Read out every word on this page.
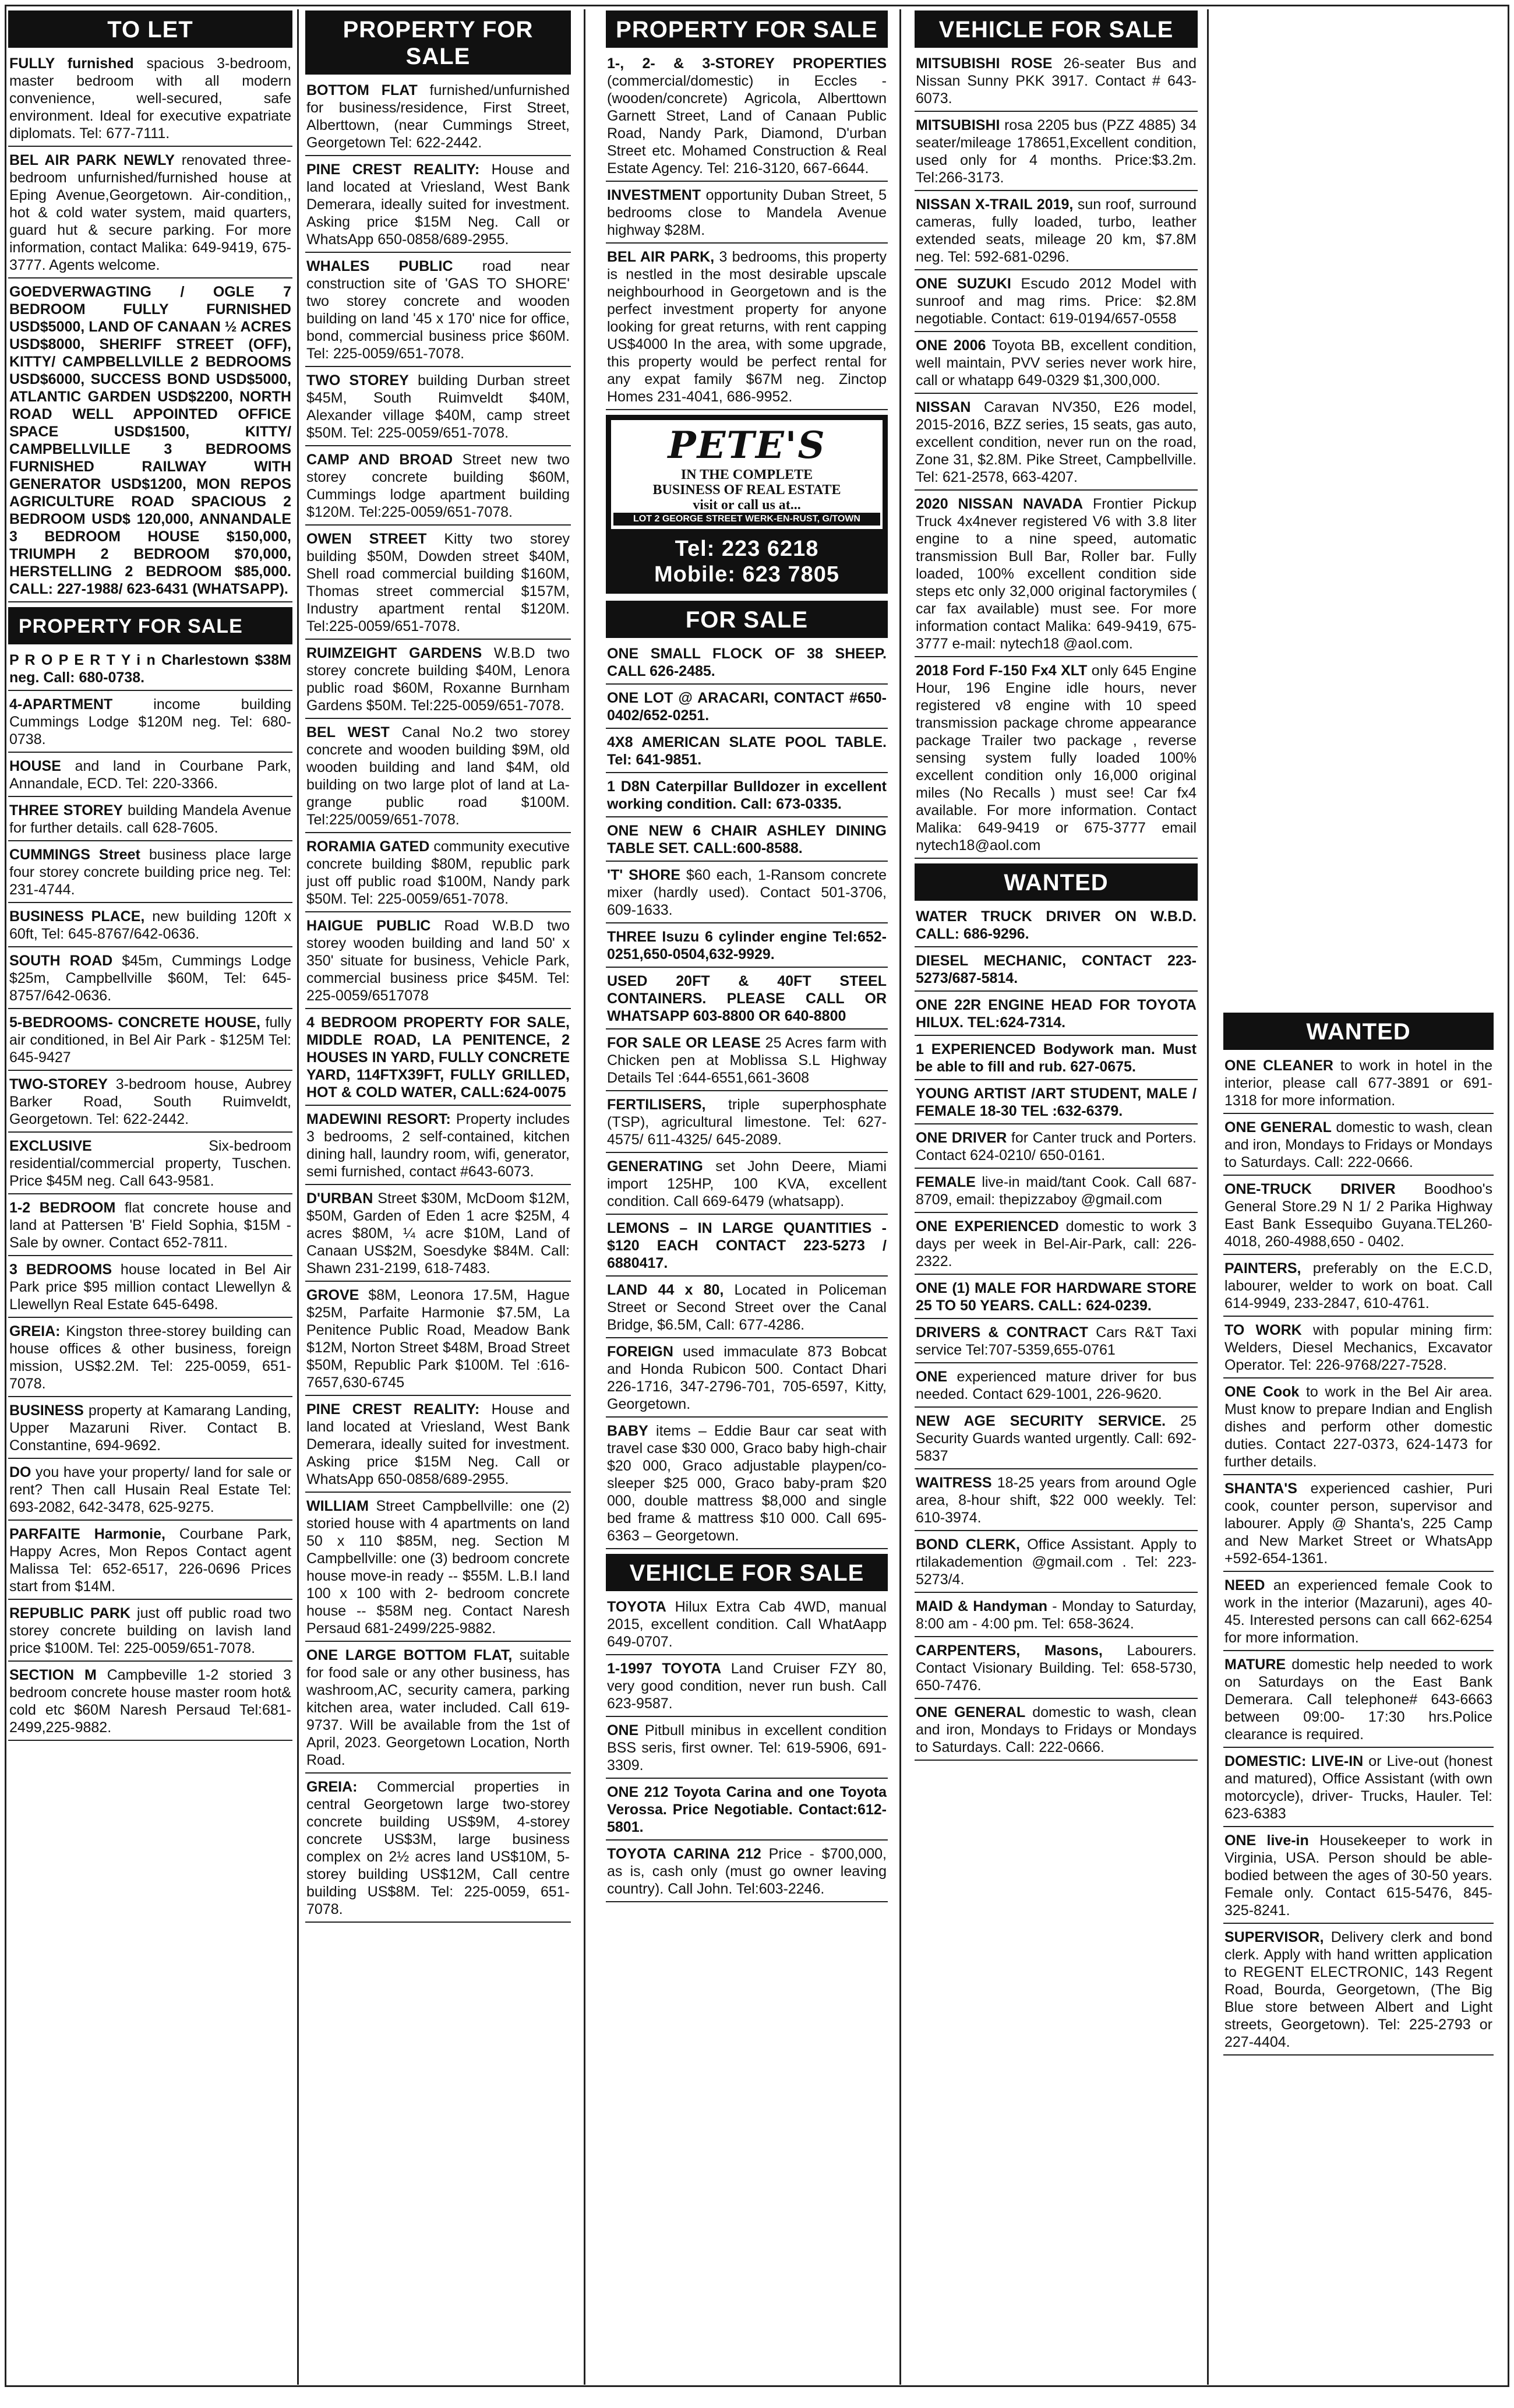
TO LET
FULLY furnished spacious 3-bedroom, master bedroom with all modern convenience, well-secured, safe environment. Ideal for executive expatriate diplomats. Tel: 677-7111.
BEL AIR PARK NEWLY renovated three-bedroom unfurnished/furnished house at Eping Avenue,Georgetown. Air-condition,, hot & cold water system, maid quarters, guard hut & secure parking. For more information, contact Malika: 649-9419, 675-3777. Agents welcome.
GOEDVERWAGTING / OGLE 7 BEDROOM FULLY FURNISHED USD$5000, LAND OF CANAAN ½ ACRES USD$8000, SHERIFF STREET (OFF), KITTY/ CAMPBELLVILLE 2 BEDROOMS USD$6000, SUCCESS BOND USD$5000, ATLANTIC GARDEN USD$2200, NORTH ROAD WELL APPOINTED OFFICE SPACE USD$1500, KITTY/ CAMPBELLVILLE 3 BEDROOMS FURNISHED RAILWAY WITH GENERATOR USD$1200, MON REPOS AGRICULTURE ROAD SPACIOUS 2 BEDROOM USD$ 120,000, ANNANDALE 3 BEDROOM HOUSE $150,000, TRIUMPH 2 BEDROOM $70,000, HERSTELLING 2 BEDROOM $85,000. CALL: 227-1988/ 623-6431 (WHATSAPP).
PROPERTY FOR SALE
P R O P E R T Y i n Charlestown $38M neg. Call: 680-0738.
4-APARTMENT income building Cummings Lodge $120M neg. Tel: 680-0738.
HOUSE and land in Courbane Park, Annandale, ECD. Tel: 220-3366.
THREE STOREY building Mandela Avenue for further details. call 628-7605.
CUMMINGS Street business place large four storey concrete building price neg. Tel: 231-4744.
BUSINESS PLACE, new building 120ft x 60ft, Tel: 645-8767/642-0636.
SOUTH ROAD $45m, Cummings Lodge $25m, Campbellville $60M, Tel: 645-8757/642-0636.
5-BEDROOMS- CONCRETE HOUSE, fully air conditioned, in Bel Air Park - $125M Tel: 645-9427
TWO-STOREY 3-bedroom house, Aubrey Barker Road, South Ruimveldt, Georgetown. Tel: 622-2442.
EXCLUSIVE Six-bedroom residential/commercial property, Tuschen. Price $45M neg. Call 643-9581.
1-2 BEDROOM flat concrete house and land at Pattersen 'B' Field Sophia, $15M - Sale by owner. Contact 652-7811.
3 BEDROOMS house located in Bel Air Park price $95 million contact Llewellyn & Llewellyn Real Estate 645-6498.
GREIA: Kingston three-storey building can house offices & other business, foreign mission, US$2.2M. Tel: 225-0059, 651-7078.
BUSINESS property at Kamarang Landing, Upper Mazaruni River. Contact B. Constantine, 694-9692.
DO you have your property/ land for sale or rent? Then call Husain Real Estate Tel: 693-2082, 642-3478, 625-9275.
PARFAITE Harmonie, Courbane Park, Happy Acres, Mon Repos Contact agent Malissa Tel: 652-6517, 226-0696 Prices start from $14M.
REPUBLIC PARK just off public road two storey concrete building on lavish land price $100M. Tel: 225-0059/651-7078.
SECTION M Campbeville 1-2 storied 3 bedroom concrete house master room hot& cold etc $60M Naresh Persaud Tel:681-2499,225-9882.
PROPERTY FOR SALE
BOTTOM FLAT furnished/unfurnished for business/residence, First Street, Alberttown, (near Cummings Street, Georgetown Tel: 622-2442.
PINE CREST REALITY: House and land located at Vriesland, West Bank Demerara, ideally suited for investment. Asking price $15M Neg. Call or WhatsApp 650-0858/689-2955.
WHALES PUBLIC road near construction site of 'GAS TO SHORE' two storey concrete and wooden building on land '45 x 170' nice for office, bond, commercial business price $60M. Tel: 225-0059/651-7078.
TWO STOREY building Durban street $45M, South Ruimveldt $40M, Alexander village $40M, camp street $50M. Tel: 225-0059/651-7078.
CAMP AND BROAD Street new two storey concrete building $60M, Cummings lodge apartment building $120M. Tel:225-0059/651-7078.
OWEN STREET Kitty two storey building $50M, Dowden street $40M, Shell road commercial building $160M, Thomas street commercial $157M, Industry apartment rental $120M. Tel:225-0059/651-7078.
RUIMZEIGHT GARDENS W.B.D two storey concrete building $40M, Lenora public road $60M, Roxanne Burnham Gardens $50M. Tel:225-0059/651-7078.
BEL WEST Canal No.2 two storey concrete and wooden building $9M, old wooden building and land $4M, old building on two large plot of land at La-grange public road $100M. Tel:225/0059/651-7078.
RORAMIA GATED community executive concrete building $80M, republic park just off public road $100M, Nandy park $50M. Tel: 225-0059/651-7078.
HAIGUE PUBLIC Road W.B.D two storey wooden building and land 50' x 350' situate for business, Vehicle Park, commercial business price $45M. Tel: 225-0059/6517078
4 BEDROOM PROPERTY FOR SALE, MIDDLE ROAD, LA PENITENCE, 2 HOUSES IN YARD, FULLY CONCRETE YARD, 114FTX39FT, FULLY GRILLED, HOT & COLD WATER, CALL:624-0075
MADEWINI RESORT: Property includes 3 bedrooms, 2 self-contained, kitchen dining hall, laundry room, wifi, generator, semi furnished, contact #643-6073.
D'URBAN Street $30M, McDoom $12M, $50M, Garden of Eden 1 acre $25M, 4 acres $80M, ¼ acre $10M, Land of Canaan US$2M, Soesdyke $84M. Call: Shawn 231-2199, 618-7483.
GROVE $8M, Leonora 17.5M, Hague $25M, Parfaite Harmonie $7.5M, La Penitence Public Road, Meadow Bank $12M, Norton Street $48M, Broad Street $50M, Republic Park $100M. Tel :616-7657,630-6745
PINE CREST REALITY: House and land located at Vriesland, West Bank Demerara, ideally suited for investment. Asking price $15M Neg. Call or WhatsApp 650-0858/689-2955.
WILLIAM Street Campbellville: one (2) storied house with 4 apartments on land 50 x 110 $85M, neg. Section M Campbellville: one (3) bedroom concrete house move-in ready -- $55M. L.B.I land 100 x 100 with 2- bedroom concrete house -- $58M neg. Contact Naresh Persaud 681-2499/225-9882.
ONE LARGE BOTTOM FLAT, suitable for food sale or any other business, has washroom,AC, security camera, parking kitchen area, water included. Call 619-9737. Will be available from the 1st of April, 2023. Georgetown Location, North Road.
GREIA: Commercial properties in central Georgetown large two-storey concrete building US$9M, 4-storey concrete US$3M, large business complex on 2½ acres land US$10M, 5-storey building US$12M, Call centre building US$8M. Tel: 225-0059, 651-7078.
PROPERTY FOR SALE
1-, 2- & 3-STOREY PROPERTIES (commercial/domestic) in Eccles - (wooden/concrete) Agricola, Alberttown Garnett Street, Land of Canaan Public Road, Nandy Park, Diamond, D'urban Street etc. Mohamed Construction & Real Estate Agency. Tel: 216-3120, 667-6644.
INVESTMENT opportunity Duban Street, 5 bedrooms close to Mandela Avenue highway $28M.
BEL AIR PARK, 3 bedrooms, this property is nestled in the most desirable upscale neighbourhood in Georgetown and is the perfect investment property for anyone looking for great returns, with rent capping US$4000 In the area, with some upgrade, this property would be perfect rental for any expat family $67M neg. Zinctop Homes 231-4041, 686-9952.
PETE'S
IN THE COMPLETE
BUSINESS OF REAL ESTATE
visit or call us at...
LOT 2 GEORGE STREET WERK-EN-RUST, G/TOWN
Tel: 223 6218
Mobile: 623 7805
FOR SALE
ONE SMALL FLOCK OF 38 SHEEP. CALL 626-2485.
ONE LOT @ ARACARI, CONTACT #650-0402/652-0251.
4X8 AMERICAN SLATE POOL TABLE. Tel: 641-9851.
1 D8N Caterpillar Bulldozer in excellent working condition. Call: 673-0335.
ONE NEW 6 CHAIR ASHLEY DINING TABLE SET. CALL:600-8588.
'T' SHORE $60 each, 1-Ransom concrete mixer (hardly used). Contact 501-3706, 609-1633.
THREE Isuzu 6 cylinder engine Tel:652-0251,650-0504,632-9929.
USED 20FT & 40FT STEEL CONTAINERS. PLEASE CALL OR WHATSAPP 603-8800 OR 640-8800
FOR SALE OR LEASE 25 Acres farm with Chicken pen at Moblissa S.L Highway Details Tel :644-6551,661-3608
FERTILISERS, triple superphosphate (TSP), agricultural limestone. Tel: 627-4575/ 611-4325/ 645-2089.
GENERATING set John Deere, Miami import 125HP, 100 KVA, excellent condition. Call 669-6479 (whatsapp).
LEMONS – IN LARGE QUANTITIES - $120 EACH CONTACT 223-5273 / 6880417.
LAND 44 x 80, Located in Policeman Street or Second Street over the Canal Bridge, $6.5M, Call: 677-4286.
FOREIGN used immaculate 873 Bobcat and Honda Rubicon 500. Contact Dhari 226-1716, 347-2796-701, 705-6597, Kitty, Georgetown.
BABY items – Eddie Baur car seat with travel case $30 000, Graco baby high-chair $20 000, Graco adjustable playpen/co-sleeper $25 000, Graco baby-pram $20 000, double mattress $8,000 and single bed frame & mattress $10 000. Call 695-6363 – Georgetown.
VEHICLE FOR SALE
TOYOTA Hilux Extra Cab 4WD, manual 2015, excellent condition. Call WhatAapp 649-0707.
1-1997 TOYOTA Land Cruiser FZY 80, very good condition, never run bush. Call 623-9587.
ONE Pitbull minibus in excellent condition BSS seris, first owner. Tel: 619-5906, 691-3309.
ONE 212 Toyota Carina and one Toyota Verossa. Price Negotiable. Contact:612-5801.
TOYOTA CARINA 212 Price - $700,000, as is, cash only (must go owner leaving country). Call John. Tel:603-2246.
VEHICLE FOR SALE
MITSUBISHI ROSE 26-seater Bus and Nissan Sunny PKK 3917. Contact # 643-6073.
MITSUBISHI rosa 2205 bus (PZZ 4885) 34 seater/mileage 178651,Excellent condition, used only for 4 months. Price:$3.2m. Tel:266-3173.
NISSAN X-TRAIL 2019, sun roof, surround cameras, fully loaded, turbo, leather extended seats, mileage 20 km, $7.8M neg. Tel: 592-681-0296.
ONE SUZUKI Escudo 2012 Model with sunroof and mag rims. Price: $2.8M negotiable. Contact: 619-0194/657-0558
ONE 2006 Toyota BB, excellent condition, well maintain, PVV series never work hire, call or whatapp 649-0329 $1,300,000.
NISSAN Caravan NV350, E26 model, 2015-2016, BZZ series, 15 seats, gas auto, excellent condition, never run on the road, Zone 31, $2.8M. Pike Street, Campbellville. Tel: 621-2578, 663-4207.
2020 NISSAN NAVADA Frontier Pickup Truck 4x4never registered V6 with 3.8 liter engine to a nine speed, automatic transmission Bull Bar, Roller bar. Fully loaded, 100% excellent condition side steps etc only 32,000 original factorymiles ( car fax available) must see. For more information contact Malika: 649-9419, 675-3777 e-mail: nytech18 @aol.com.
2018 Ford F-150 Fx4 XLT only 645 Engine Hour, 196 Engine idle hours, never registered v8 engine with 10 speed transmission package chrome appearance package Trailer two package , reverse sensing system fully loaded 100% excellent condition only 16,000 original miles (No Recalls ) must see! Car fx4 available. For more information. Contact Malika: 649-9419 or 675-3777 email nytech18@aol.com
WANTED
WATER TRUCK DRIVER ON W.B.D. CALL: 686-9296.
DIESEL MECHANIC, CONTACT 223-5273/687-5814.
ONE 22R ENGINE HEAD FOR TOYOTA HILUX. TEL:624-7314.
1 EXPERIENCED Bodywork man. Must be able to fill and rub. 627-0675.
YOUNG ARTIST /ART STUDENT, MALE / FEMALE 18-30 TEL :632-6379.
ONE DRIVER for Canter truck and Porters. Contact 624-0210/ 650-0161.
FEMALE live-in maid/tant Cook. Call 687-8709, email: thepizzaboy @gmail.com
ONE EXPERIENCED domestic to work 3 days per week in Bel-Air-Park, call: 226-2322.
ONE (1) MALE FOR HARDWARE STORE 25 TO 50 YEARS. CALL: 624-0239.
DRIVERS & CONTRACT Cars R&T Taxi service Tel:707-5359,655-0761
ONE experienced mature driver for bus needed. Contact 629-1001, 226-9620.
NEW AGE SECURITY SERVICE. 25 Security Guards wanted urgently. Call: 692-5837
WAITRESS 18-25 years from around Ogle area, 8-hour shift, $22 000 weekly. Tel: 610-3974.
BOND CLERK, Office Assistant. Apply to rtilakademention @gmail.com . Tel: 223-5273/4.
MAID & Handyman - Monday to Saturday, 8:00 am - 4:00 pm. Tel: 658-3624.
CARPENTERS, Masons, Labourers. Contact Visionary Building. Tel: 658-5730, 650-7476.
ONE GENERAL domestic to wash, clean and iron, Mondays to Fridays or Mondays to Saturdays. Call: 222-0666.
WANTED
ONE CLEANER to work in hotel in the interior, please call 677-3891 or 691-1318 for more information.
ONE GENERAL domestic to wash, clean and iron, Mondays to Fridays or Mondays to Saturdays. Call: 222-0666.
ONE-TRUCK DRIVER Boodhoo's General Store.29 N 1/ 2 Parika Highway East Bank Essequibo Guyana.TEL260-4018, 260-4988,650 - 0402.
PAINTERS, preferably on the E.C.D, labourer, welder to work on boat. Call 614-9949, 233-2847, 610-4761.
TO WORK with popular mining firm: Welders, Diesel Mechanics, Excavator Operator. Tel: 226-9768/227-7528.
ONE Cook to work in the Bel Air area. Must know to prepare Indian and English dishes and perform other domestic duties. Contact 227-0373, 624-1473 for further details.
SHANTA'S experienced cashier, Puri cook, counter person, supervisor and labourer. Apply @ Shanta's, 225 Camp and New Market Street or WhatsApp +592-654-1361.
NEED an experienced female Cook to work in the interior (Mazaruni), ages 40-45. Interested persons can call 662-6254 for more information.
MATURE domestic help needed to work on Saturdays on the East Bank Demerara. Call telephone# 643-6663 between 09:00- 17:30 hrs.Police clearance is required.
DOMESTIC: LIVE-IN or Live-out (honest and matured), Office Assistant (with own motorcycle), driver- Trucks, Hauler. Tel: 623-6383
ONE live-in Housekeeper to work in Virginia, USA. Person should be able-bodied between the ages of 30-50 years. Female only. Contact 615-5476, 845-325-8241.
SUPERVISOR, Delivery clerk and bond clerk. Apply with hand written application to REGENT ELECTRONIC, 143 Regent Road, Bourda, Georgetown, (The Big Blue store between Albert and Light streets, Georgetown). Tel: 225-2793 or 227-4404.
